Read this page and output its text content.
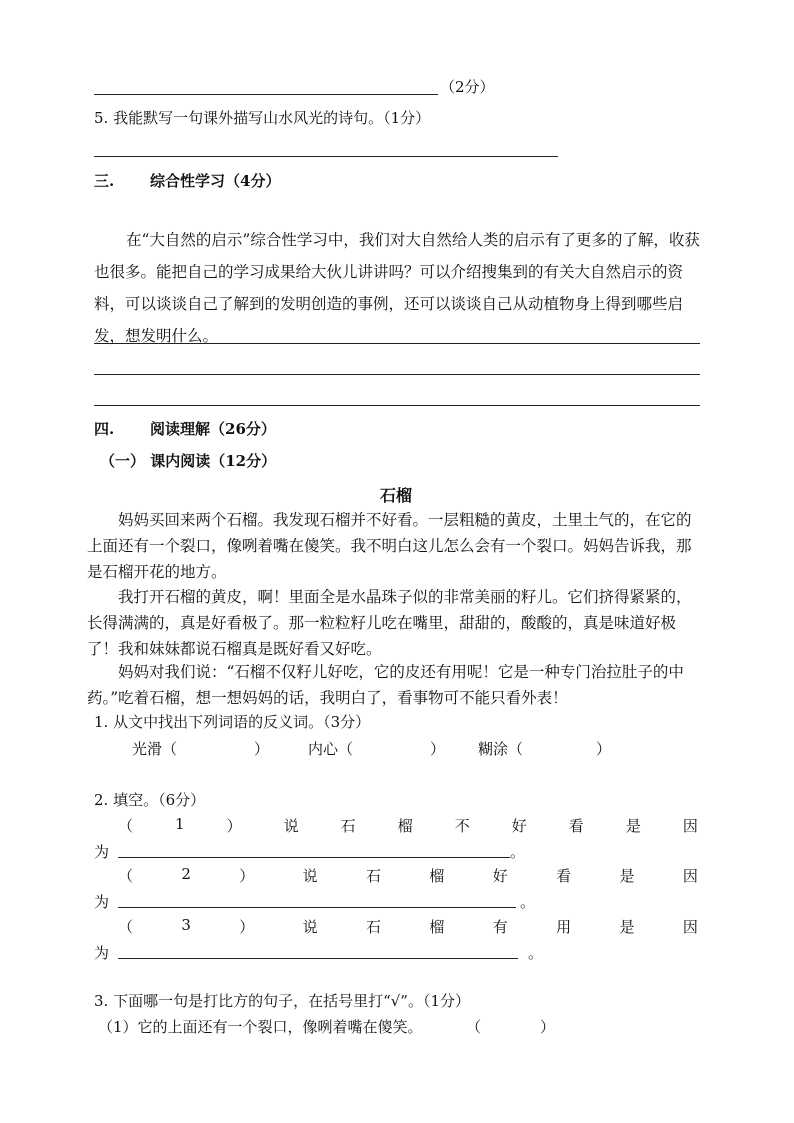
（2分）
5. 我能默写一句课外描写山水风光的诗句。（1分）
三. 综合性学习（4分）
在“大自然的启示”综合性学习中，我们对大自然给人类的启示有了更多的了解，收获也很多。能把自己的学习成果给大伙儿讲讲吗？可以介绍搜集到的有关大自然启示的资料，可以谈谈自己了解到的发明创造的事例，还可以谈谈自己从动植物身上得到哪些启发，想发明什么。
四. 阅读理解（26分）
（一） 课内阅读（12分）
石榴
妈妈买回来两个石榴。我发现石榴并不好看。一层粗糙的黄皮，土里土气的，在它的上面还有一个裂口，像咧着嘴在傻笑。我不明白这儿怎么会有一个裂口。妈妈告诉我，那是石榴开花的地方。
我打开石榴的黄皮，啊！里面全是水晶珠子似的非常美丽的籽儿。它们挤得紧紧的，长得满满的，真是好看极了。那一粒粒籽儿吃在嘴里，甜甜的，酸酸的，真是味道好极了！我和妹妹都说石榴真是既好看又好吃。
妈妈对我们说：“石榴不仅籽儿好吃，它的皮还有用呢！它是一种专门治拉肚子的中药。”吃着石榴，想一想妈妈的话，我明白了，看事物可不能只看外表！
1. 从文中找出下列词语的反义词。（3分）
光滑（	）	内心（	） 糊涂（	）
2. 填空。（6分）
（	1	）	说	石	榴	不	好	看	是	因
为	。
（	2	）	说	石	榴	好	看	是	因
为	。
（	3	）	说	石	榴	有	用	是	因
为	。
3. 下面哪一句是打比方的句子，在括号里打“√”。（1分）
（1）它的上面还有一个裂口，像咧着嘴在傻笑。	（	）
